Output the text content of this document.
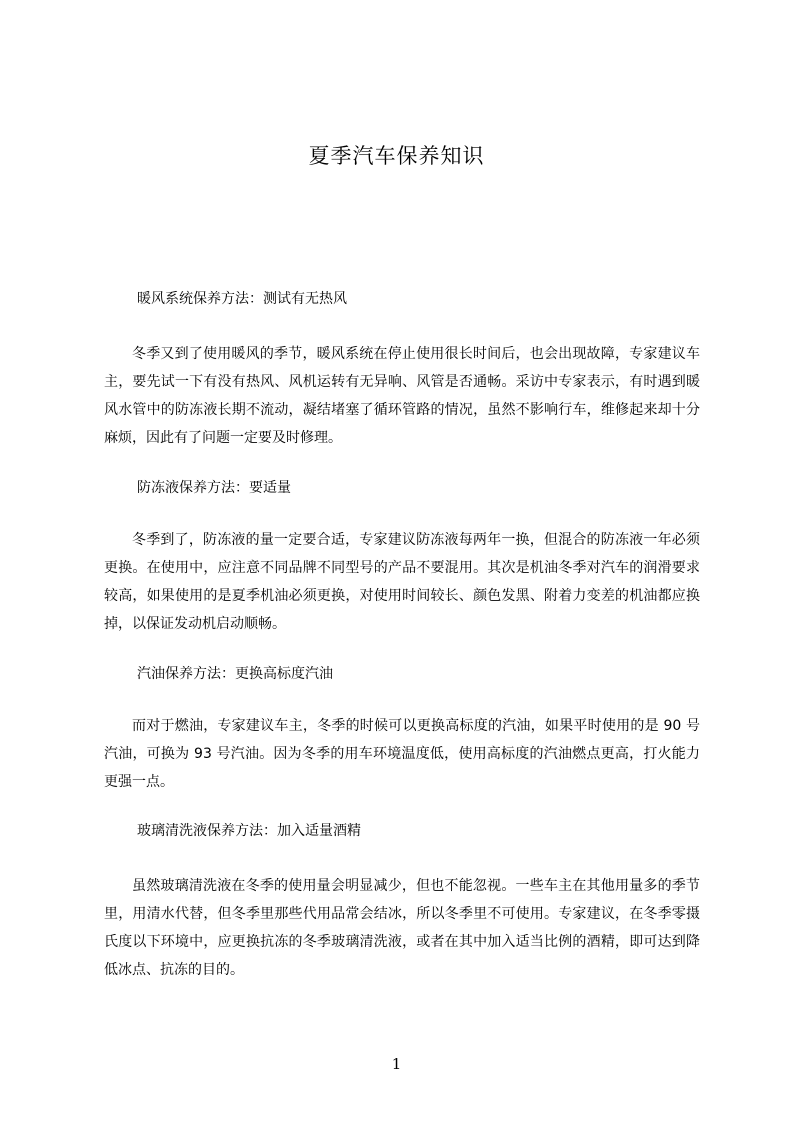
夏季汽车保养知识
暖风系统保养方法：测试有无热风
冬季又到了使用暖风的季节，暖风系统在停止使用很长时间后，也会出现故障，专家建议车主，要先试一下有没有热风、风机运转有无异响、风管是否通畅。采访中专家表示，有时遇到暖风水管中的防冻液长期不流动，凝结堵塞了循环管路的情况，虽然不影响行车，维修起来却十分麻烦，因此有了问题一定要及时修理。
防冻液保养方法：要适量
冬季到了，防冻液的量一定要合适，专家建议防冻液每两年一换，但混合的防冻液一年必须更换。在使用中，应注意不同品牌不同型号的产品不要混用。其次是机油冬季对汽车的润滑要求较高，如果使用的是夏季机油必须更换，对使用时间较长、颜色发黑、附着力变差的机油都应换掉，以保证发动机启动顺畅。
汽油保养方法：更换高标度汽油
而对于燃油，专家建议车主，冬季的时候可以更换高标度的汽油，如果平时使用的是 90 号汽油，可换为 93 号汽油。因为冬季的用车环境温度低，使用高标度的汽油燃点更高，打火能力更强一点。
玻璃清洗液保养方法：加入适量酒精
虽然玻璃清洗液在冬季的使用量会明显减少，但也不能忽视。一些车主在其他用量多的季节里，用清水代替，但冬季里那些代用品常会结冰，所以冬季里不可使用。专家建议，在冬季零摄氏度以下环境中，应更换抗冻的冬季玻璃清洗液，或者在其中加入适当比例的酒精，即可达到降低冰点、抗冻的目的。
1
